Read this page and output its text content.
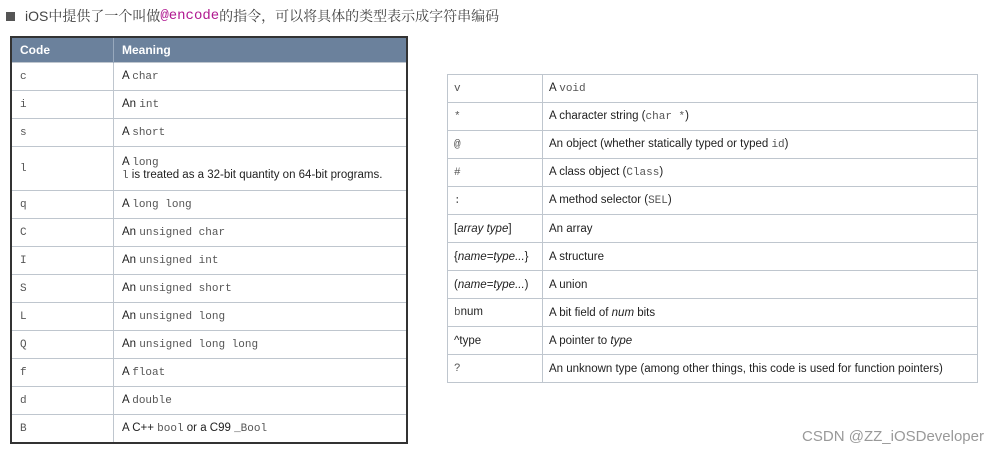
iOS中提供了一个叫做 @encode 的指令，可以将具体的类型表示成字符串编码
Code	Meaning
c	A char
i	An int
s	A short
l	A long
l is treated as a 32-bit quantity on 64-bit programs.
q	A long long
C	An unsigned char
I	An unsigned int
S	An unsigned short
L	An unsigned long
Q	An unsigned long long
f	A float
d	A double
B	A C++ bool or a C99 _Bool
v	A void
*	A character string (char *)
@	An object (whether statically typed or typed id)
#	A class object (Class)
:	A method selector (SEL)
[array type]	An array
{name=type...}	A structure
(name=type...)	A union
bnum	A bit field of num bits
^type	A pointer to type
?	An unknown type (among other things, this code is used for function pointers)
CSDN @ZZ_iOSDeveloper
